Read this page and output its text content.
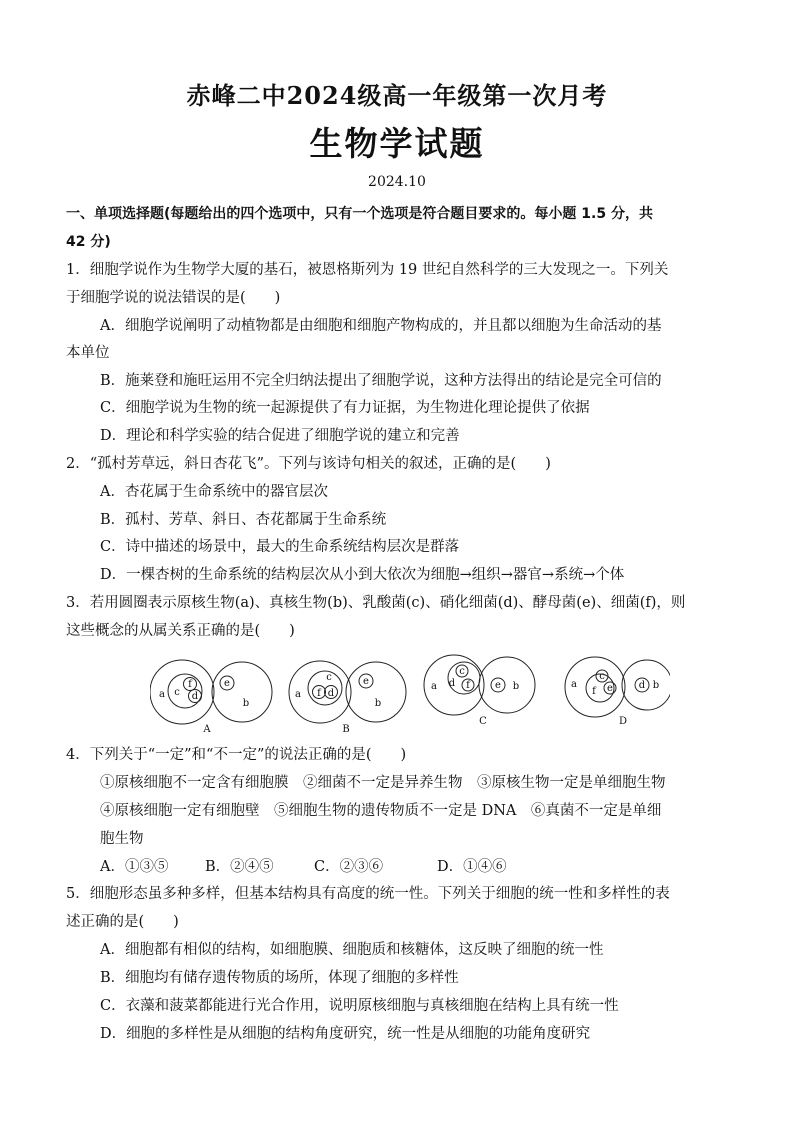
赤峰二中2024级高一年级第一次月考
生物学试题
2024.10
一、单项选择题(每题给出的四个选项中，只有一个选项是符合题目要求的。每小题 1.5 分，共
42 分)
1．细胞学说作为生物学大厦的基石，被恩格斯列为 19 世纪自然科学的三大发现之一。下列关
于细胞学说的说法错误的是(　　)
A．细胞学说阐明了动植物都是由细胞和细胞产物构成的，并且都以细胞为生命活动的基
本单位
B．施莱登和施旺运用不完全归纳法提出了细胞学说，这种方法得出的结论是完全可信的
C．细胞学说为生物的统一起源提供了有力证据，为生物进化理论提供了依据
D．理论和科学实验的结合促进了细胞学说的建立和完善
2．“孤村芳草远，斜日杏花飞”。下列与该诗句相关的叙述，正确的是(　　)
A．杏花属于生命系统中的器官层次
B．孤村、芳草、斜日、杏花都属于生命系统
C．诗中描述的场景中，最大的生命系统结构层次是群落
D．一棵杏树的生命系统的结构层次从小到大依次为细胞→组织→器官→系统→个体
3．若用圆圈表示原核生物(a)、真核生物(b)、乳酸菌(c)、硝化细菌(d)、酵母菌(e)、细菌(f)，则
这些概念的从属关系正确的是(　　)
a c
f
d
e
b
A
a f d
c	e
b
B
a d
c
f	e b
C
a
c
f e	d b
D
4．下列关于“一定”和“不一定”的说法正确的是(　　)
①原核细胞不一定含有细胞膜　②细菌不一定是异养生物　③原核生物一定是单细胞生物
④原核细胞一定有细胞壁　⑤细胞生物的遗传物质不一定是 DNA　⑥真菌不一定是单细
胞生物
A．①③⑤	B．②④⑤	C．②③⑥	D．①④⑥
5．细胞形态虽多种多样，但基本结构具有高度的统一性。下列关于细胞的统一性和多样性的表
述正确的是(　　)
A．细胞都有相似的结构，如细胞膜、细胞质和核糖体，这反映了细胞的统一性
B．细胞均有储存遗传物质的场所，体现了细胞的多样性
C．衣藻和菠菜都能进行光合作用，说明原核细胞与真核细胞在结构上具有统一性
D．细胞的多样性是从细胞的结构角度研究，统一性是从细胞的功能角度研究
